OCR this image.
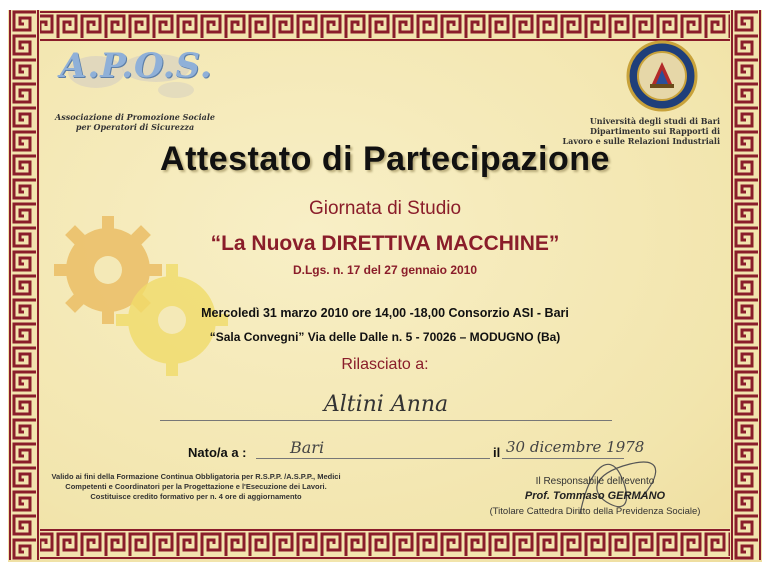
A.P.O.S.
Associazione di Promozione Sociale per Operatori di Sicurezza
Università degli studi di Bari Dipartimento sui Rapporti di Lavoro e sulle Relazioni Industriali
Attestato di Partecipazione
Giornata di Studio
“La Nuova DIRETTIVA MACCHINE”
D.Lgs. n. 17 del 27 gennaio 2010
Mercoledì 31 marzo 2010 ore 14,00 -18,00 Consorzio ASI - Bari
“Sala Convegni” Via delle Dalle n. 5 - 70026 – MODUGNO (Ba)
Rilasciato a:
Altini Anna
Nato/a a :	Bari	il 30 dicembre 1978
Valido ai fini della Formazione Continua Obbligatoria per R.S.P.P. /A.S.P.P., Medici Competenti e Coordinatori per la Progettazione e l'Esecuzione dei Lavori. Costituisce credito formativo per n. 4 ore di aggiornamento
Il Responsabile dell'evento
Prof. Tommaso GERMANO
(Titolare Cattedra Diritto della Previdenza Sociale)
